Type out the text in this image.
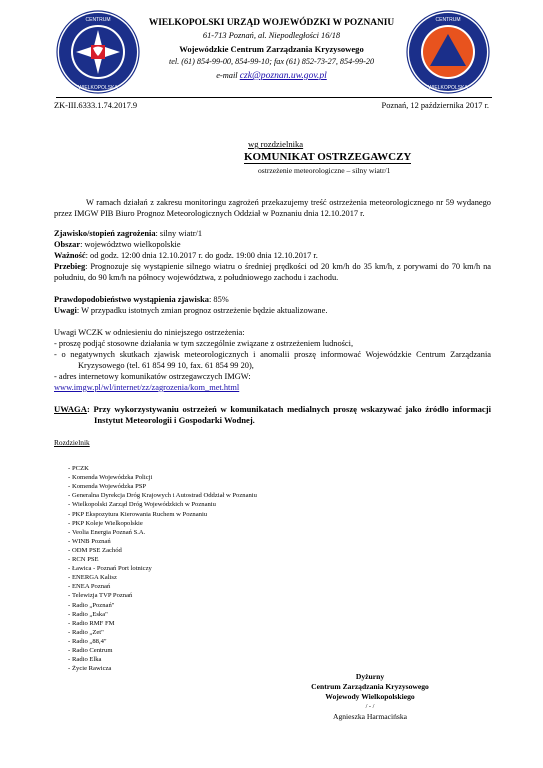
CENTRUM
WIELKOPOLSKA
CENTRUM
WIELKOPOLSKA
WIELKOPOLSKI URZĄD WOJEWÓDZKI W POZNANIU
61-713 Poznań, al. Niepodległości 16/18
Wojewódzkie Centrum Zarządzania Kryzysowego
tel. (61) 854-99-00, 854-99-10; fax (61) 852-73-27, 854-99-20
e-mail czk@poznan.uw.gov.pl
ZK-III.6333.1.74.2017.9	Poznań, 12 października 2017 r.
wg rozdzielnika
KOMUNIKAT OSTRZEGAWCZY
ostrzeżenie meteorologiczne – silny wiatr/1
W ramach działań z zakresu monitoringu zagrożeń przekazujemy treść ostrzeżenia meteorologicznego nr 59 wydanego przez IMGW PIB Biuro Prognoz Meteorologicznych Oddział w Poznaniu dnia 12.10.2017 r.
Zjawisko/stopień zagrożenia: silny wiatr/1
Obszar: województwo wielkopolskie
Ważność: od godz. 12:00 dnia 12.10.2017 r. do godz. 19:00 dnia 12.10.2017 r.
Przebieg: Prognozuje się wystąpienie silnego wiatru o średniej prędkości od 20 km/h do 35 km/h, z porywami do 70 km/h na południu, do 90 km/h na północy województwa, z południowego zachodu i zachodu.
Prawdopodobieństwo wystąpienia zjawiska: 85%
Uwagi: W przypadku istotnych zmian prognoz ostrzeżenie będzie aktualizowane.
Uwagi WCZK w odniesieniu do niniejszego ostrzeżenia:
- proszę podjąć stosowne działania w tym szczególnie związane z ostrzeżeniem ludności,
- o negatywnych skutkach zjawisk meteorologicznych i anomalii proszę informować Wojewódzkie Centrum Zarządzania Kryzysowego (tel. 61 854 99 10, fax. 61 854 99 20),
- adres internetowy komunikatów ostrzegawczych IMGW:
www.imgw.pl/wl/internet/zz/zagrozenia/kom_met.html
UWAGA: Przy wykorzystywaniu ostrzeżeń w komunikatach medialnych proszę wskazywać jako źródło informacji Instytut Meteorologii i Gospodarki Wodnej.
Rozdzielnik
- PCZK
- Komenda Wojewódzka Policji
- Komenda Wojewódzka PSP
- Generalna Dyrekcja Dróg Krajowych i Autostrad Oddział w Poznaniu
- Wielkopolski Zarząd Dróg Wojewódzkich w Poznaniu
- PKP Ekspozytura Kierowania Ruchem w Poznaniu
- PKP Koleje Wielkopolskie
- Veolia Energia Poznań S.A.
- WINB Poznań
- ODM PSE Zachód
- RCN PSE
- Ławica - Poznań Port lotniczy
- ENERGA Kalisz
- ENEA Poznań
- Telewizja TVP Poznań
- Radio „Poznań"
- Radio „Eska"
- Radio RMF FM
- Radio „Zet"
- Radio „88,4"
- Radio Centrum
- Radio Elka
- Życie Rawicza
Dyżurny
Centrum Zarządzania Kryzysowego
Wojewody Wielkopolskiego
/ - /
Agnieszka Harmacińska
